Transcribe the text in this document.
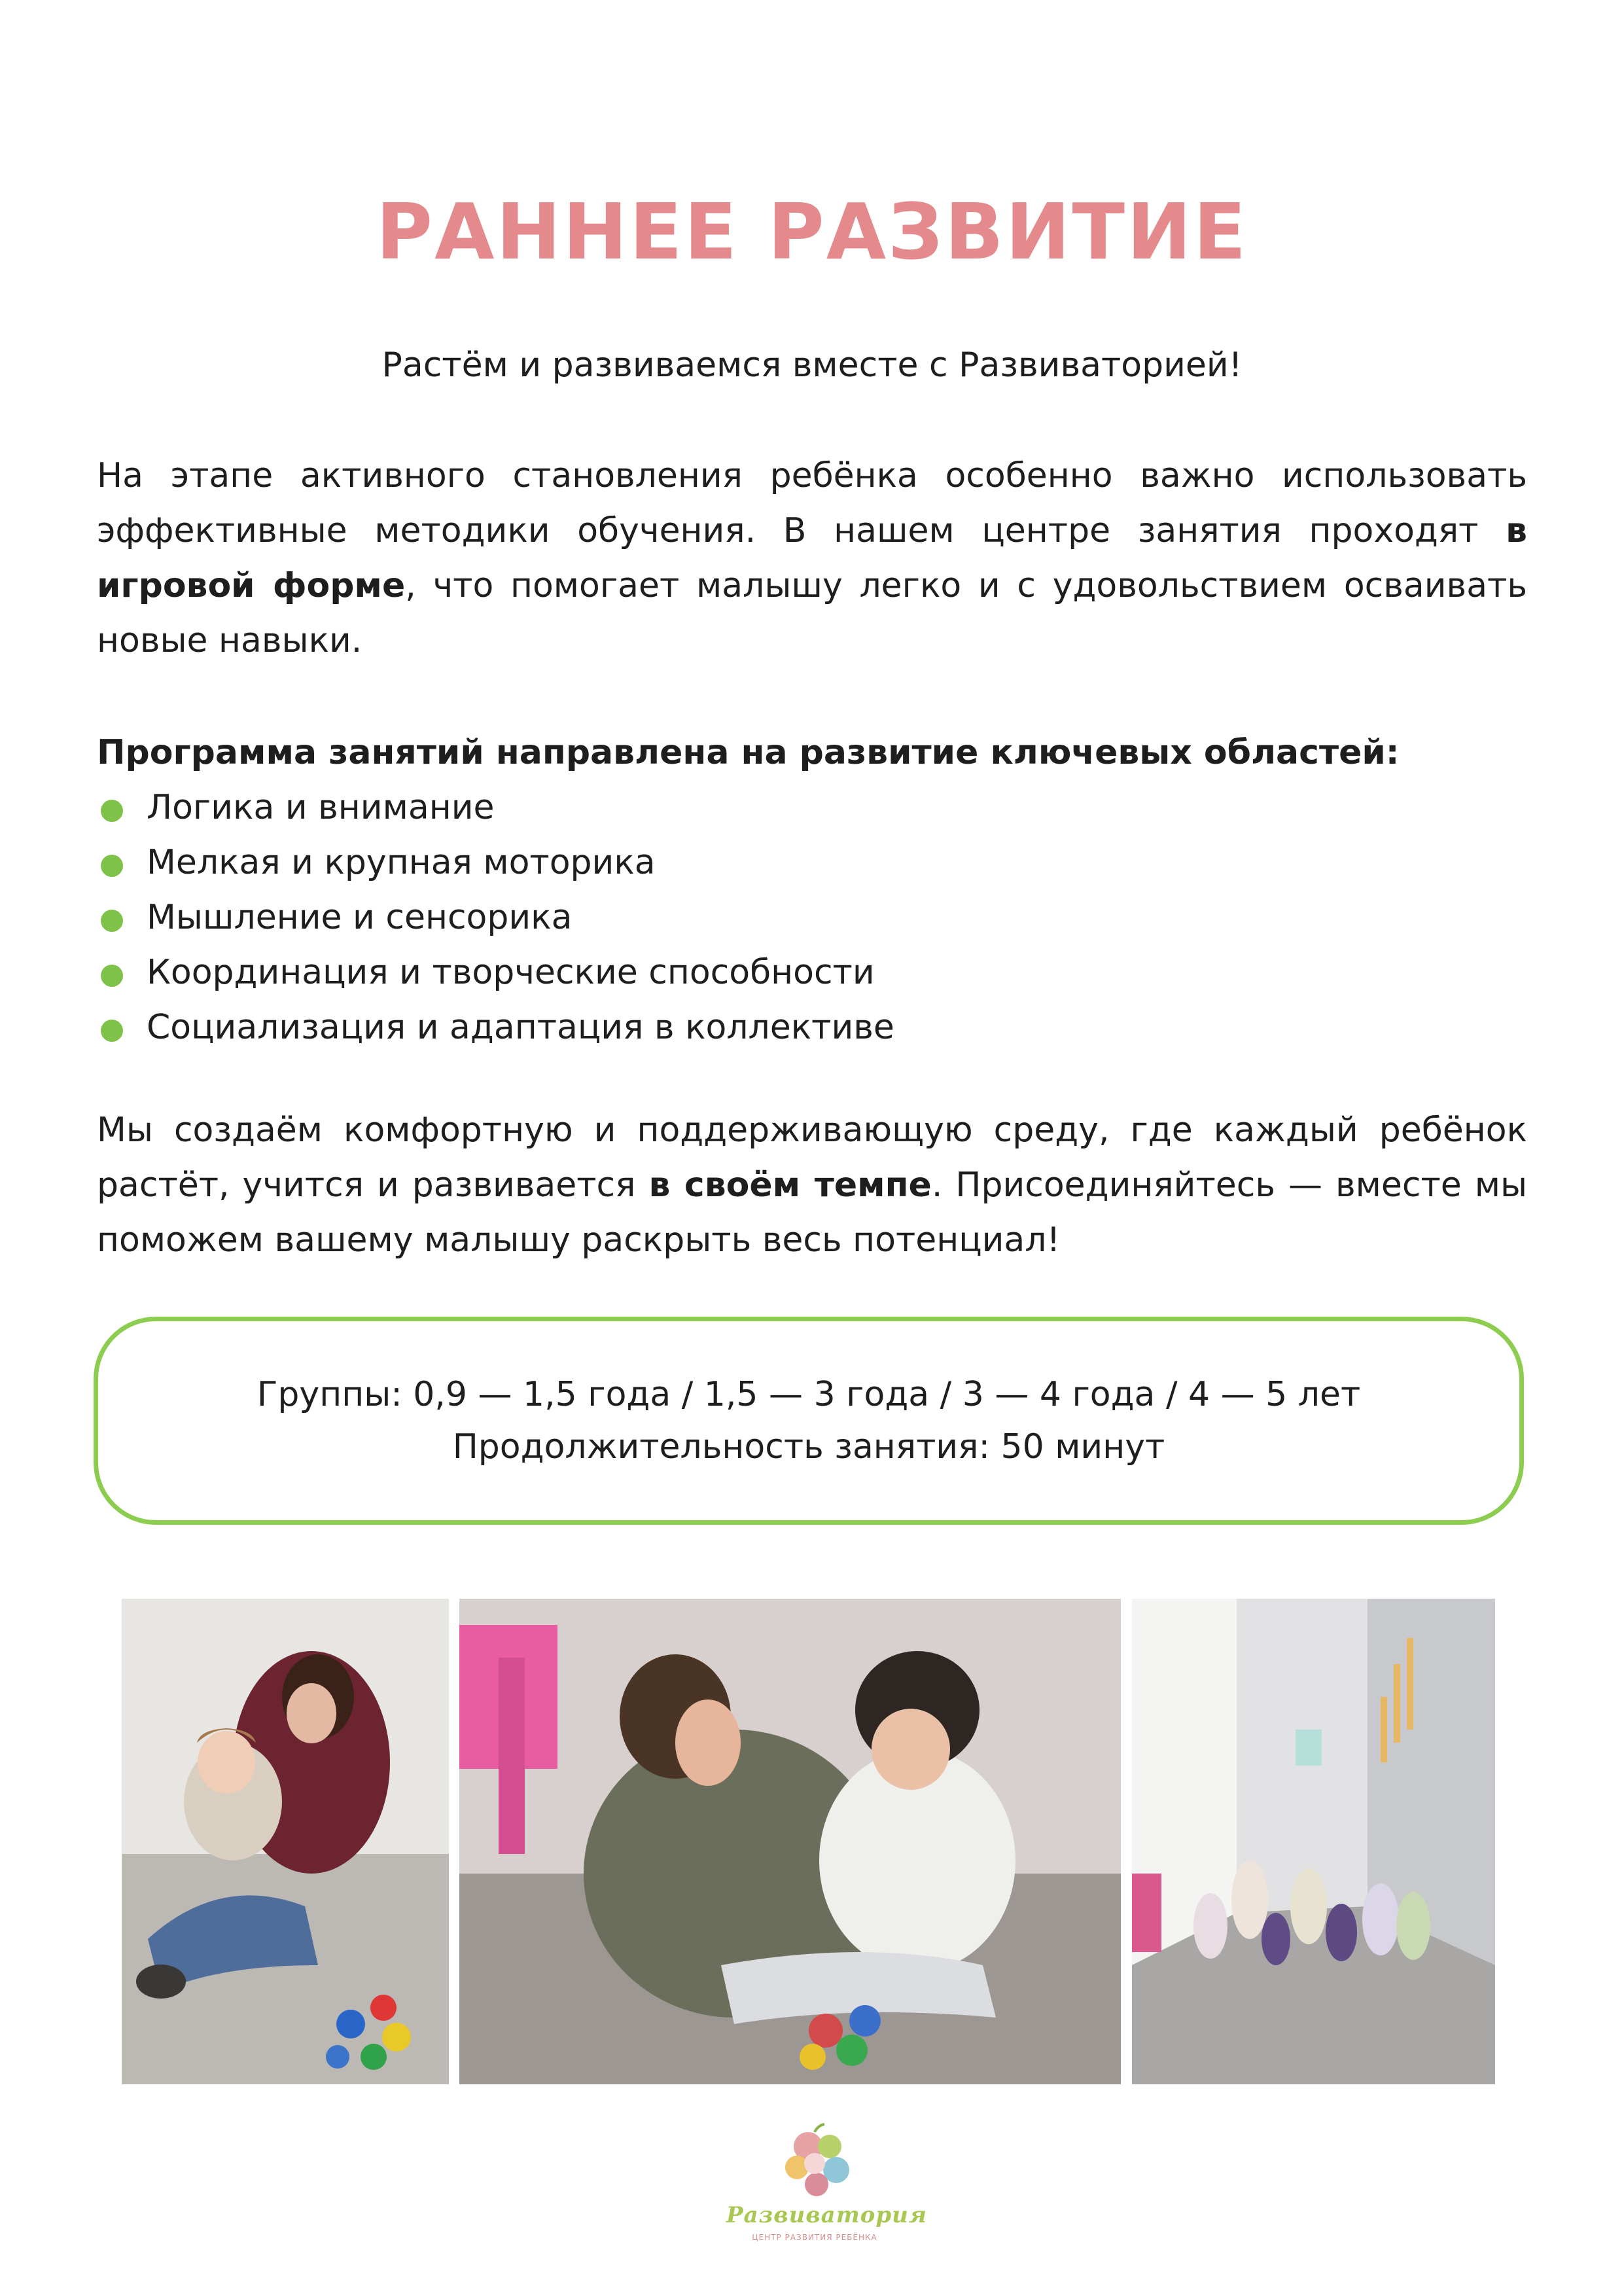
РАННЕЕ РАЗВИТИЕ
Растём и развиваемся вместе с Развиваторией!

На этапе активного становления ребёнка особенно важно использовать эффективные методики обучения. В нашем центре занятия проходят в игровой форме, что помогает малышу легко и с удовольствием осваивать новые навыки.

Программа занятий направлена на развитие ключевых областей:
Логика и внимание
Мелкая и крупная моторика
Мышление и сенсорика
Координация и творческие способности
Социализация и адаптация в коллективе

Мы создаём комфортную и поддерживающую среду, где каждый ребёнок растёт, учится и развивается в своём темпе. Присоединяйтесь — вместе мы поможем вашему малышу раскрыть весь потенциал!

Группы: 0,9 — 1,5 года / 1,5 — 3 года / 3 — 4 года / 4 — 5 лет
Продолжительность занятия: 50 минут
Развиватория
ЦЕНТР РАЗВИТИЯ РЕБЁНКА
